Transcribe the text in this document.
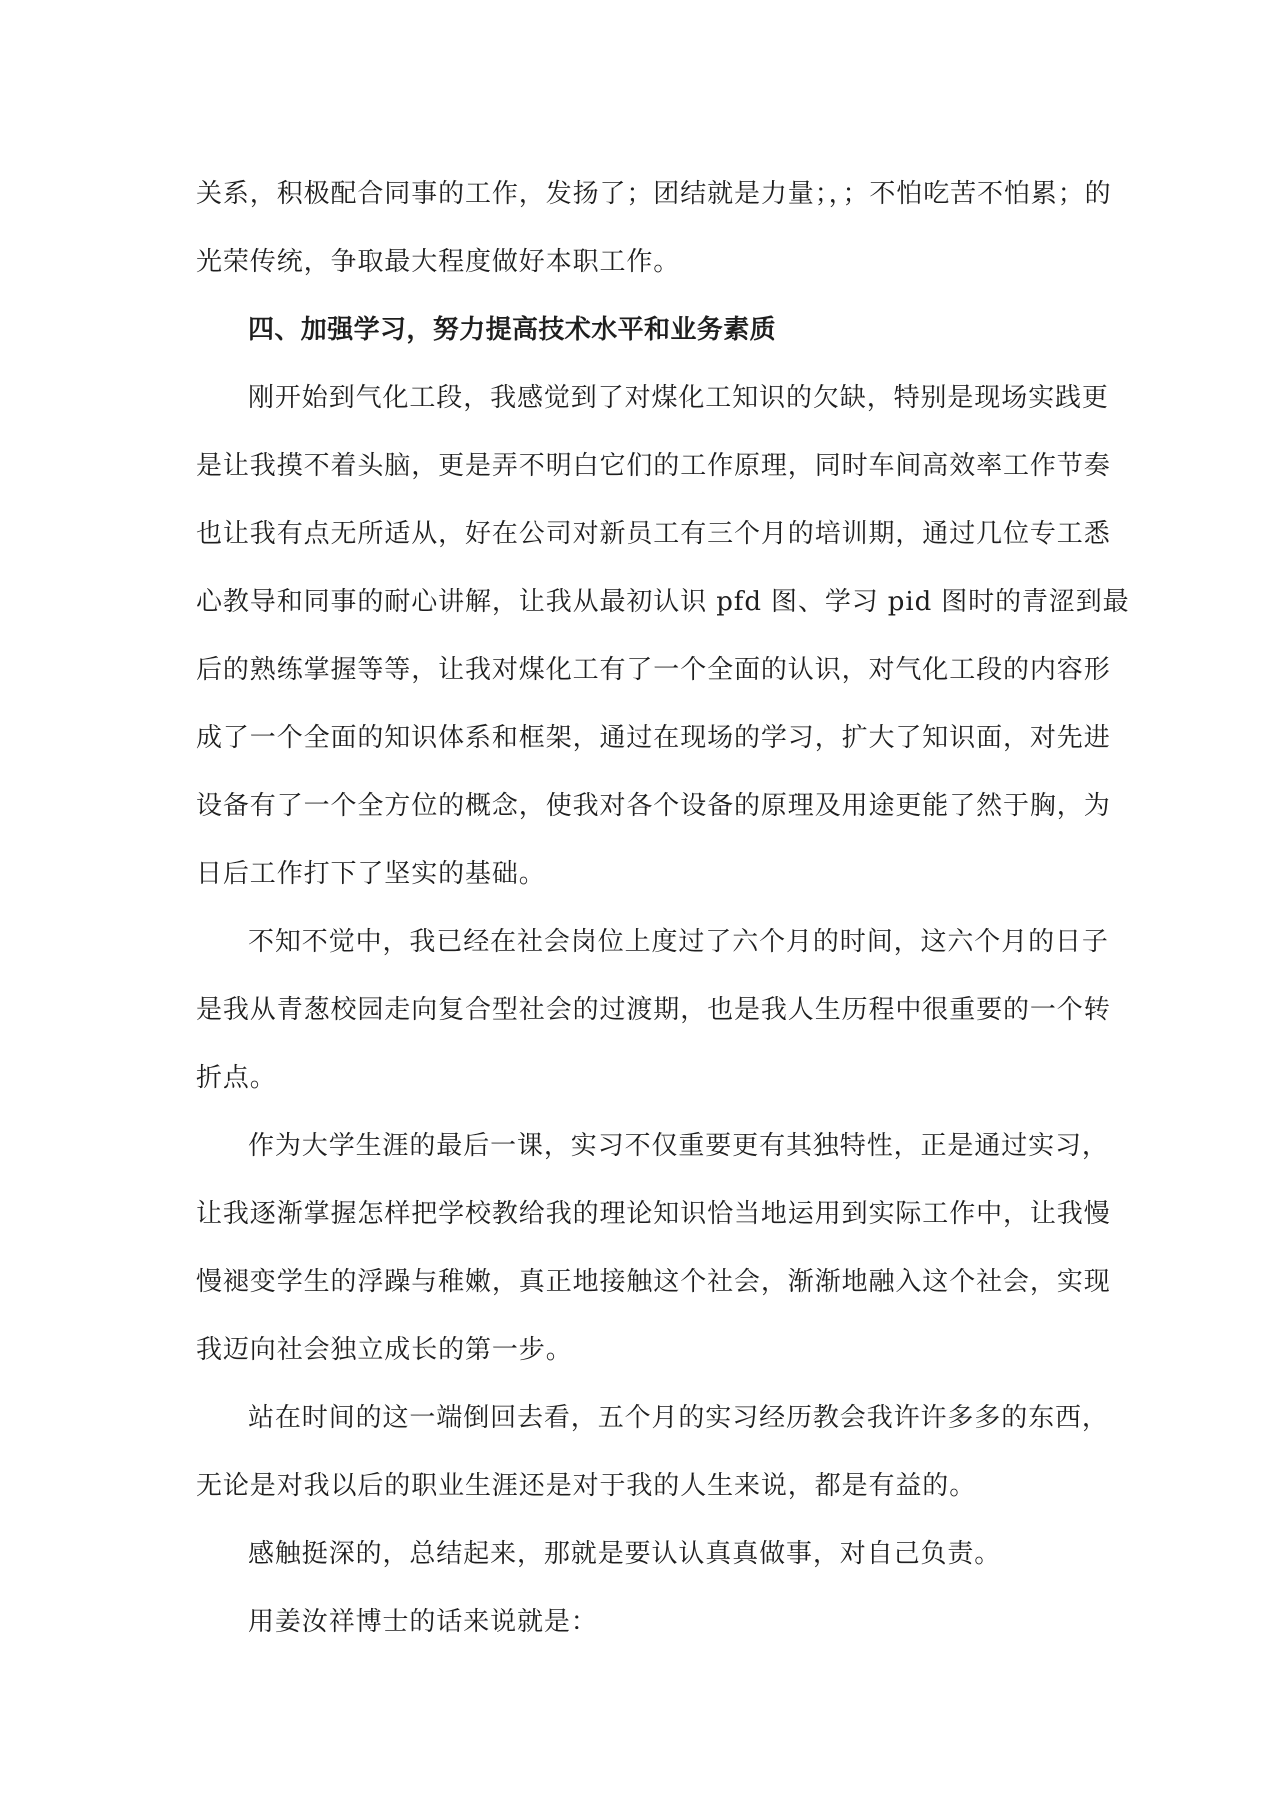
关系，积极配合同事的工作，发扬了；团结就是力量；，；不怕吃苦不怕累；的
光荣传统，争取最大程度做好本职工作。
四、加强学习，努力提高技术水平和业务素质
刚开始到气化工段，我感觉到了对煤化工知识的欠缺，特别是现场实践更
是让我摸不着头脑，更是弄不明白它们的工作原理，同时车间高效率工作节奏
也让我有点无所适从，好在公司对新员工有三个月的培训期，通过几位专工悉
心教导和同事的耐心讲解，让我从最初认识 pfd 图、学习 pid 图时的青涩到最
后的熟练掌握等等，让我对煤化工有了一个全面的认识，对气化工段的内容形
成了一个全面的知识体系和框架，通过在现场的学习，扩大了知识面，对先进
设备有了一个全方位的概念，使我对各个设备的原理及用途更能了然于胸，为
日后工作打下了坚实的基础。
不知不觉中，我已经在社会岗位上度过了六个月的时间，这六个月的日子
是我从青葱校园走向复合型社会的过渡期，也是我人生历程中很重要的一个转
折点。
作为大学生涯的最后一课，实习不仅重要更有其独特性，正是通过实习，
让我逐渐掌握怎样把学校教给我的理论知识恰当地运用到实际工作中，让我慢
慢褪变学生的浮躁与稚嫩，真正地接触这个社会，渐渐地融入这个社会，实现
我迈向社会独立成长的第一步。
站在时间的这一端倒回去看，五个月的实习经历教会我许许多多的东西，
无论是对我以后的职业生涯还是对于我的人生来说，都是有益的。
感触挺深的，总结起来，那就是要认认真真做事，对自己负责。
用姜汝祥博士的话来说就是：
